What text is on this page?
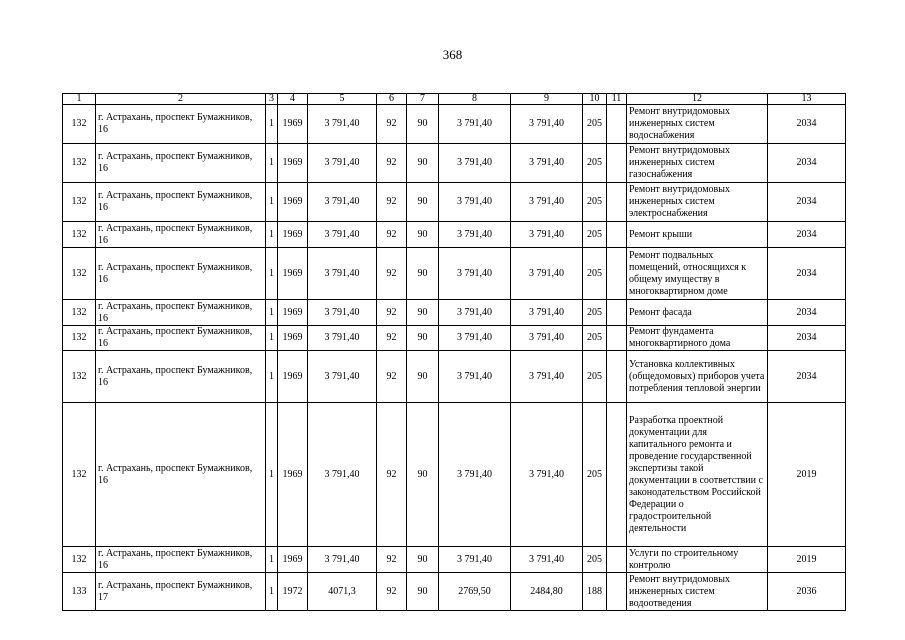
368
1	2	3	4	5	6	7	8	9	10	11	12	13
132	г. Астрахань, проспект Бумажников, 16	1	1969	3 791,40	92	90	3 791,40	3 791,40	205		Ремонт внутридомовых инженерных систем водоснабжения	2034
132	г. Астрахань, проспект Бумажников, 16	1	1969	3 791,40	92	90	3 791,40	3 791,40	205		Ремонт внутридомовых инженерных систем газоснабжения	2034
132	г. Астрахань, проспект Бумажников, 16	1	1969	3 791,40	92	90	3 791,40	3 791,40	205		Ремонт внутридомовых инженерных систем электроснабжения	2034
132	г. Астрахань, проспект Бумажников, 16	1	1969	3 791,40	92	90	3 791,40	3 791,40	205		Ремонт крыши	2034
132	г. Астрахань, проспект Бумажников, 16	1	1969	3 791,40	92	90	3 791,40	3 791,40	205		Ремонт подвальных помещений, относящихся к общему имуществу в многоквартирном доме	2034
132	г. Астрахань, проспект Бумажников, 16	1	1969	3 791,40	92	90	3 791,40	3 791,40	205		Ремонт фасада	2034
132	г. Астрахань, проспект Бумажников, 16	1	1969	3 791,40	92	90	3 791,40	3 791,40	205		Ремонт фундамента многоквартирного дома	2034
132	г. Астрахань, проспект Бумажников, 16	1	1969	3 791,40	92	90	3 791,40	3 791,40	205		Установка коллективных (общедомовых) приборов учета потребления тепловой энергии	2034
132	г. Астрахань, проспект Бумажников, 16	1	1969	3 791,40	92	90	3 791,40	3 791,40	205		Разработка проектной документации для капитального ремонта и проведение государственной экспертизы такой документации в соответствии с законодательством Российской Федерации о градостроительной деятельности	2019
132	г. Астрахань, проспект Бумажников, 16	1	1969	3 791,40	92	90	3 791,40	3 791,40	205		Услуги по строительному контролю	2019
133	г. Астрахань, проспект Бумажников, 17	1	1972	4071,3	92	90	2769,50	2484,80	188		Ремонт внутридомовых инженерных систем водоотведения	2036
